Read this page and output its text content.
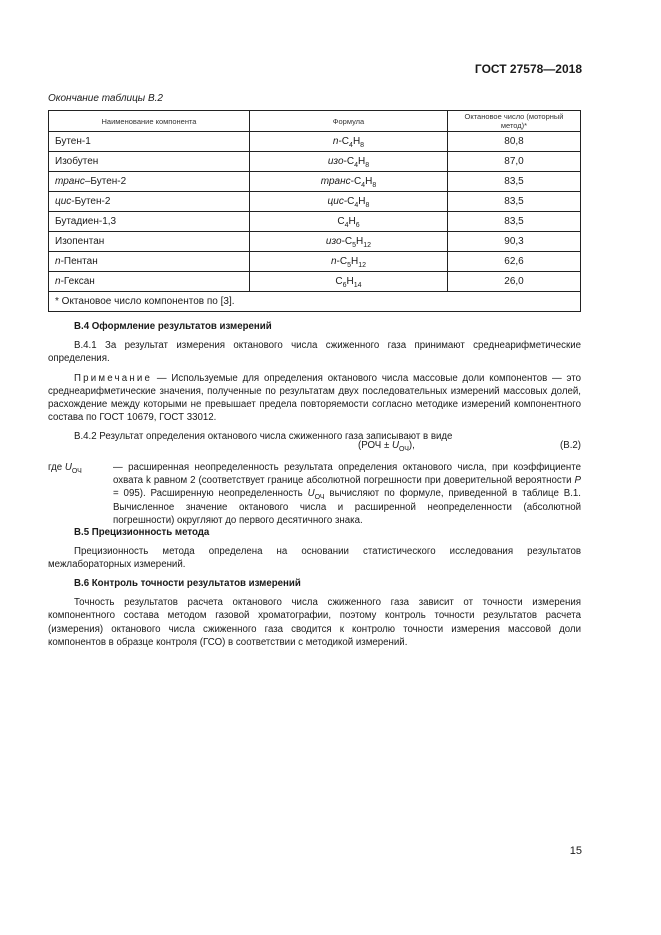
ГОСТ 27578—2018
Окончание таблицы В.2
Наименование компонента	Формула	Октановое число (моторный метод)*
Бутен-1	$n-C_4H_8$	80,8
Изобутен	изо-$C_4H_8$	87,0
транс–Бутен-2	транс-$C_4H_8$	83,5
цис-Бутен-2	цис-$C_4H_8$	83,5
Бутадиен-1,3	$C_4H_6$	83,5
Изопентан	изо-$C_5H_{12}$	90,3
n-Пентан	$n-C_5H_{12}$	62,6
n-Гексан	$C_6H_{14}$	26,0
* Октановое число компонентов по [3].		

В.4 Оформление результатов измерений

В.4.1 За результат измерения октанового числа сжиженного газа принимают среднеарифметические определения.

Примечание — Используемые для определения октанового числа массовые доли компонентов — это среднеарифметические значения, полученные по результатам двух последовательных измерений массовых долей, расхождение между которыми не превышает предела повторяемости согласно методике измерений компонентного состава по ГОСТ 10679, ГОСТ 33012.

В.4.2 Результат определения октанового числа сжиженного газа записывают в виде

$(РОЧ \pm U_{ОЧ})$,	(В.2)
где $U_{ОЧ}$	— расширенная неопределенность результата определения октанового числа, при коэффициенте охвата k равном 2 (соответствует границе абсолютной погрешности при доверительной вероятности P = 095). Расширенную неопределенность $U_{ОЧ}$ вычисляют по формуле, приведенной в таблице В.1. Вычисленное значение октанового числа и расширенной неопределенности (абсолютной погрешности) округляют до первого десятичного знака.

В.5 Прецизионность метода

Прецизионность метода определена на основании статистического исследования результатов межлабораторных измерений.

В.6 Контроль точности результатов измерений

Точность результатов расчета октанового числа сжиженного газа зависит от точности измерения компонентного состава методом газовой хроматографии, поэтому контроль точности результатов расчета (измерения) октанового числа сжиженного газа сводится к контролю точности измерения массовой доли компонентов в образце контроля (ГСО) в соответствии с методикой измерений.

15
